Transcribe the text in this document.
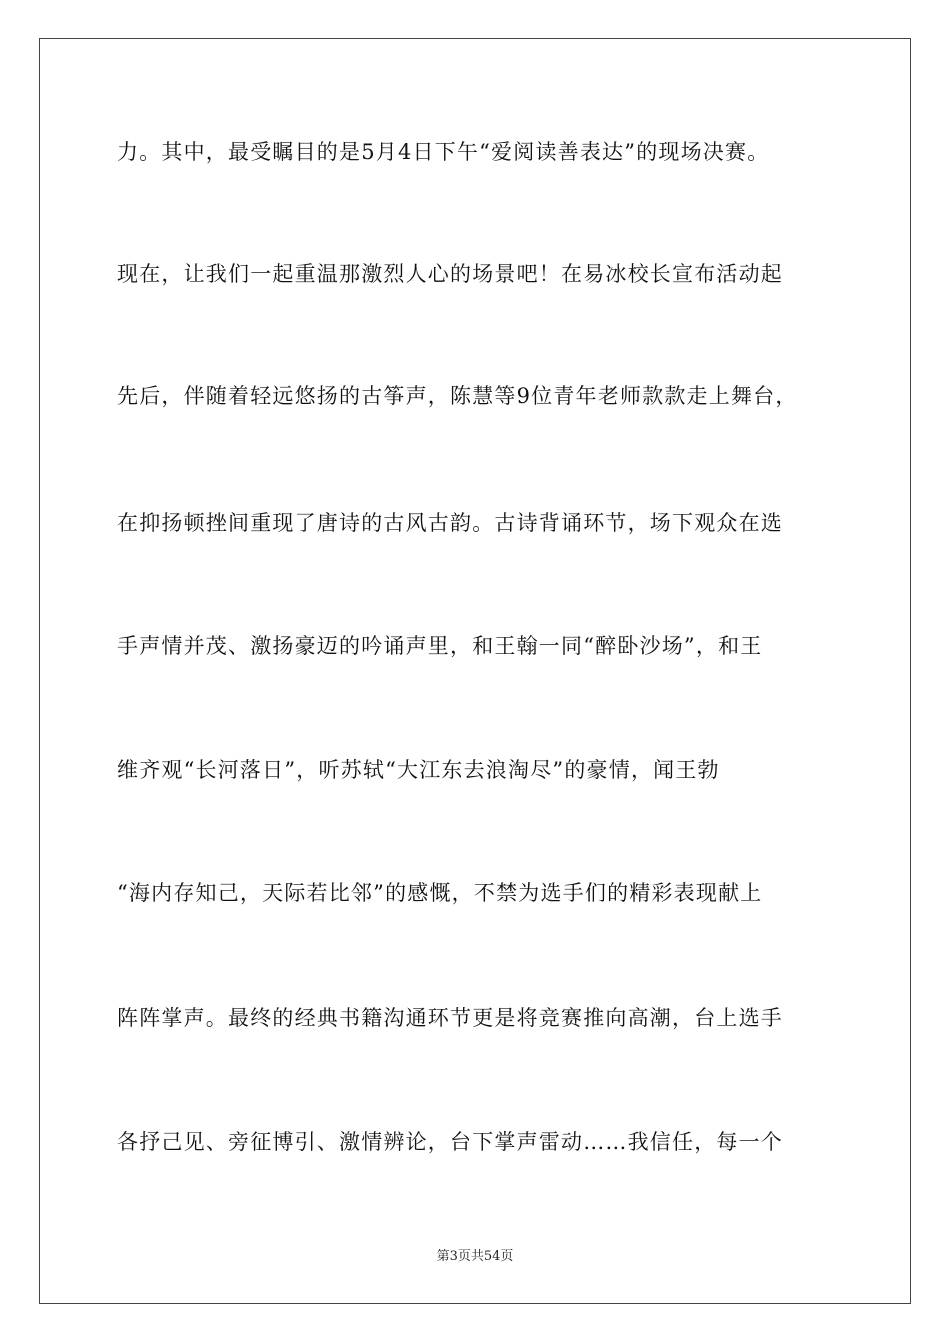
力。其中，最受瞩目的是5月4日下午“爱阅读善表达”的现场决赛。
现在，让我们一起重温那激烈人心的场景吧！在易冰校长宣布活动起
先后，伴随着轻远悠扬的古筝声，陈慧等9位青年老师款款走上舞台，
在抑扬顿挫间重现了唐诗的古风古韵。古诗背诵环节，场下观众在选
手声情并茂、激扬豪迈的吟诵声里，和王翰一同“醉卧沙场”，和王
维齐观“长河落日”，听苏轼“大江东去浪淘尽”的豪情，闻王勃
“海内存知己，天际若比邻”的感慨，不禁为选手们的精彩表现献上
阵阵掌声。最终的经典书籍沟通环节更是将竞赛推向高潮，台上选手
各抒己见、旁征博引、激情辨论，台下掌声雷动……我信任，每一个
第3页共54页
